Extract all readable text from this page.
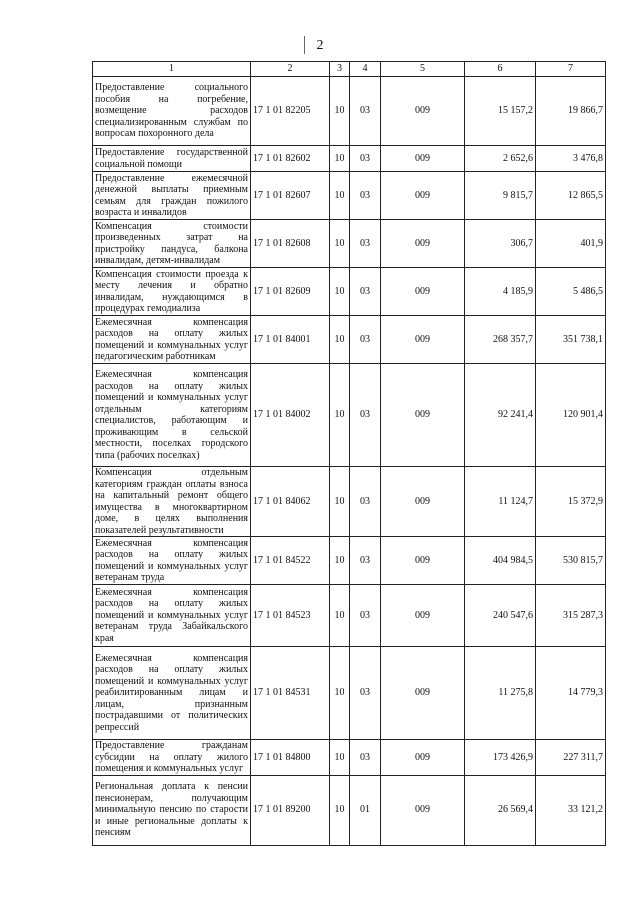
2
1	2	3	4	5	6	7
Предоставление социального пособия на погребение, возмещение расходов специализированным службам по вопросам похоронного дела	17 1 01 82205	10	03	009	15 157,2	19 866,7
Предоставление государственной социальной помощи	17 1 01 82602	10	03	009	2 652,6	3 476,8
Предоставление ежемесячной денежной выплаты приемным семьям для граждан пожилого возраста и инвалидов	17 1 01 82607	10	03	009	9 815,7	12 865,5
Компенсация стоимости произведенных затрат на пристройку пандуса, балкона инвалидам, детям-инвалидам	17 1 01 82608	10	03	009	306,7	401,9
Компенсация стоимости проезда к месту лечения и обратно инвалидам, нуждающимся в процедурах гемодиализа	17 1 01 82609	10	03	009	4 185,9	5 486,5
Ежемесячная компенсация расходов на оплату жилых помещений и коммунальных услуг педагогическим работникам	17 1 01 84001	10	03	009	268 357,7	351 738,1
Ежемесячная компенсация расходов на оплату жилых помещений и коммунальных услуг отдельным категориям специалистов, работающим и проживающим в сельской местности, поселках городского типа (рабочих поселках)	17 1 01 84002	10	03	009	92 241,4	120 901,4
Компенсация отдельным категориям граждан оплаты взноса на капитальный ремонт общего имущества в многоквартирном доме, в целях выполнения показателей результативности	17 1 01 84062	10	03	009	11 124,7	15 372,9
Ежемесячная компенсация расходов на оплату жилых помещений и коммунальных услуг ветеранам труда	17 1 01 84522	10	03	009	404 984,5	530 815,7
Ежемесячная компенсация расходов на оплату жилых помещений и коммунальных услуг ветеранам труда Забайкальского края	17 1 01 84523	10	03	009	240 547,6	315 287,3
Ежемесячная компенсация расходов на оплату жилых помещений и коммунальных услуг реабилитированным лицам и лицам, признанным пострадавшими от политических репрессий	17 1 01 84531	10	03	009	11 275,8	14 779,3
Предоставление гражданам субсидии на оплату жилого помещения и коммунальных услуг	17 1 01 84800	10	03	009	173 426,9	227 311,7
Региональная доплата к пенсии пенсионерам, получающим минимальную пенсию по старости и иные региональные доплаты к пенсиям	17 1 01 89200	10	01	009	26 569,4	33 121,2
